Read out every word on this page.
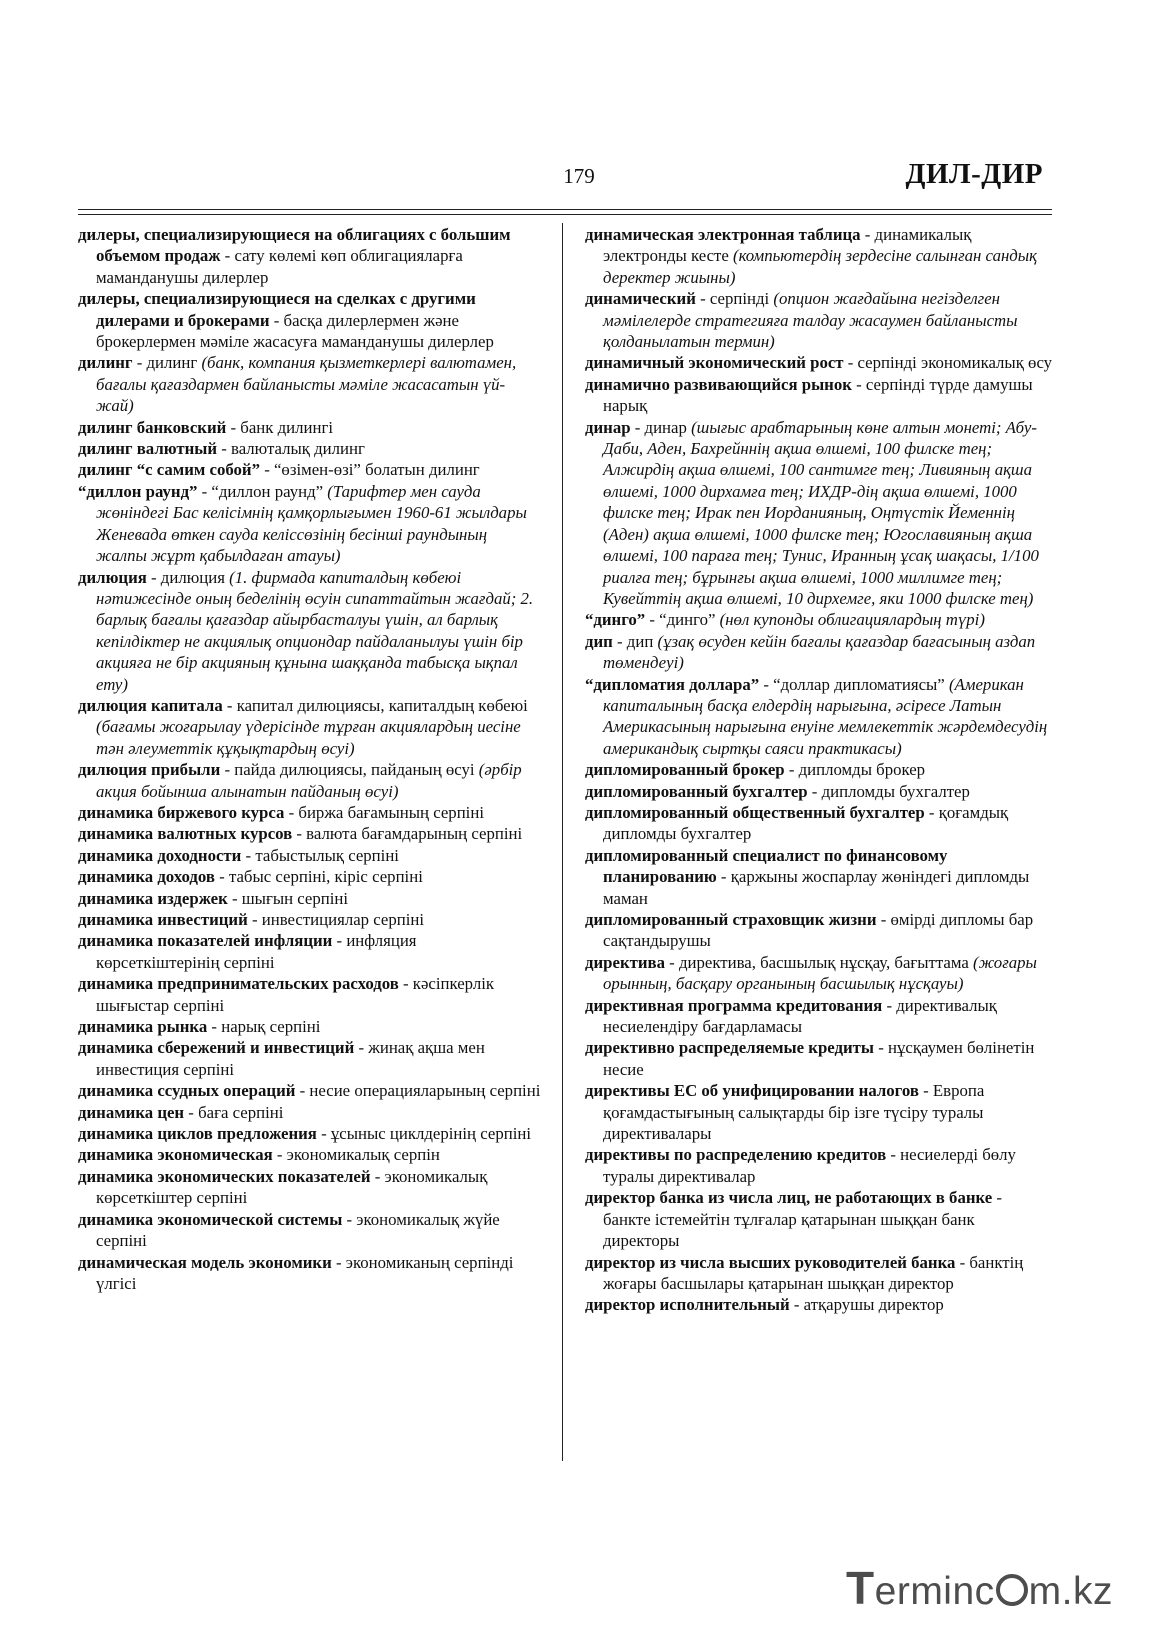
179	ДИЛ-ДИР

дилеры, специализирующиеся на облигациях с большим объемом продаж - сату көлемі көп облигацияларға маманданушы дилерлер

дилеры, специализирующиеся на сделках с другими дилерами и брокерами - басқа дилерлермен және брокерлермен мәміле жасасуға маманданушы дилерлер

дилинг - дилинг (банк, компания қызметкерлері валютамен, бағалы қағаздармен байланысты мәміле жасасатын үй-жай)

дилинг банковский - банк дилингі

дилинг валютный - валюталық дилинг

дилинг “с самим собой” - “өзімен-өзі” болатын дилинг

“диллон раунд” - “диллон раунд” (Тарифтер мен сауда жөніндегі Бас келісімнің қамқорлығымен 1960-61 жылдары Женевада өткен сауда келіссөзінің бесінші раундының жалпы жұрт қабылдаған атауы)

дилюция - дилюция (1. фирмада капиталдың көбеюі нәтижесінде оның беделінің өсуін сипаттайтын жағдай; 2. барлық бағалы қағаздар айырбасталуы үшін, ал барлық кепілдіктер не акциялық опциондар пайдаланылуы үшін бір акцияға не бір акцияның құнына шаққанда табысқа ықпал ету)

дилюция капитала - капитал дилюциясы, капиталдың көбеюі (бағамы жоғарылау үдерісінде тұрған акциялардың иесіне тән әлеуметтік құқықтардың өсуі)

дилюция прибыли - пайда дилюциясы, пайданың өсуі (әрбір акция бойынша алынатын пайданың өсуі)

динамика биржевого курса - биржа бағамының серпіні

динамика валютных курсов - валюта бағамдарының серпіні

динамика доходности - табыстылық серпіні

динамика доходов - табыс серпіні, кіріс серпіні

динамика издержек - шығын серпіні

динамика инвестиций - инвестициялар серпіні

динамика показателей инфляции - инфляция көрсеткіштерінің серпіні

динамика предпринимательских расходов - кәсіпкерлік шығыстар серпіні

динамика рынка - нарық серпіні

динамика сбережений и инвестиций - жинақ ақша мен инвестиция серпіні

динамика ссудных операций - несие операцияларының серпіні

динамика цен - баға серпіні

динамика циклов предложения - ұсыныс циклдерінің серпіні

динамика экономическая - экономикалық серпін

динамика экономических показателей - экономикалық көрсеткіштер серпіні

динамика экономической системы - экономикалық жүйе серпіні

динамическая модель экономики - экономиканың серпінді үлгісі

динамическая электронная таблица - динамикалық электронды кесте (компьютердің зердесіне салынған сандық деректер жиыны)

динамический - серпінді (опцион жағдайына негізделген мәмілелерде стратегияға талдау жасаумен байланысты қолданылатын термин)

динамичный экономический рост - серпінді экономикалық өсу

динамично развивающийся рынок - серпінді түрде дамушы нарық

динар - динар (шығыс арабтарының көне алтын монеті; Абу-Даби, Аден, Бахрейннің ақша өлшемі, 100 филске тең; Алжирдің ақша өлшемі, 100 сантимге тең; Ливияның ақша өлшемі, 1000 дирхамға тең; ИХДР-дің ақша өлшемі, 1000 филске тең; Ирак пен Иорданияның, Оңтүстік Йеменнің (Аден) ақша өлшемі, 1000 филске тең; Югославияның ақша өлшемі, 100 параға тең; Тунис, Иранның ұсақ шақасы, 1/100 риалға тең; бұрынғы ақша өлшемі, 1000 миллимге тең; Кувейттің ақша өлшемі, 10 дирхемге, яки 1000 филске тең)

“динго” - “динго” (нөл купонды облигациялардың түрі)

дип - дип (ұзақ өсуден кейін бағалы қағаздар бағасының аздап төмендеуі)

“дипломатия доллара” - “доллар дипломатиясы” (Американ капиталының басқа елдердің нарығына, әсіресе Латын Америкасының нарығына енуіне мемлекеттік жәрдемдесудің американдық сыртқы саяси практикасы)

дипломированный брокер - дипломды брокер

дипломированный бухгалтер - дипломды бухгалтер

дипломированный общественный бухгалтер - қоғамдық дипломды бухгалтер

дипломированный специалист по финансовому планированию - қаржыны жоспарлау жөніндегі дипломды маман

дипломированный страховщик жизни - өмірді дипломы бар сақтандырушы

директива - директива, басшылық нұсқау, бағыттама (жоғары орынның, басқару органының басшылық нұсқауы)

директивная программа кредитования - директивалық несиелендіру бағдарламасы

директивно распределяемые кредиты - нұсқаумен бөлінетін несие

директивы ЕС об унифицировании налогов - Европа қоғамдастығының салықтарды бір ізге түсіру туралы директивалары

директивы по распределению кредитов - несиелерді бөлу туралы директивалар

директор банка из числа лиц, не работающих в банке - банкте істемейтін тұлғалар қатарынан шыққан банк директоры

директор из числа высших руководителей банка - банктің жоғары басшылары қатарынан шыққан директор

директор исполнительный - атқарушы директор

Terminc m.kz
